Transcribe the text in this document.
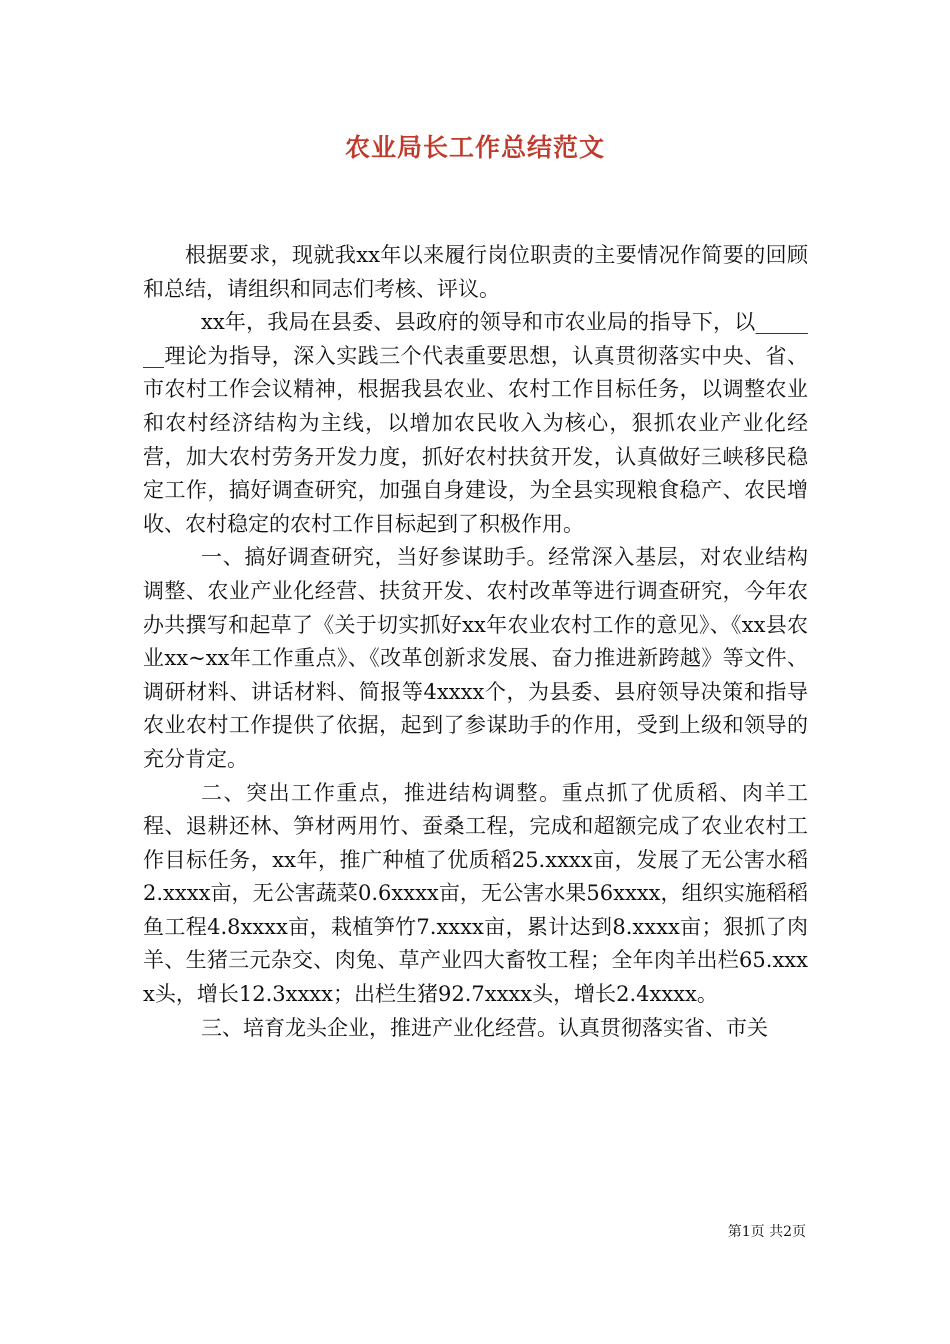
农业局长工作总结范文

根据要求，现就我xx年以来履行岗位职责的主要情况作简要的回顾和总结，请组织和同志们考核、评议。

xx年，我局在县委、县政府的领导和市农业局的指导下，以_______理论为指导，深入实践三个代表重要思想，认真贯彻落实中央、省、市农村工作会议精神，根据我县农业、农村工作目标任务，以调整农业和农村经济结构为主线，以增加农民收入为核心，狠抓农业产业化经营，加大农村劳务开发力度，抓好农村扶贫开发，认真做好三峡移民稳定工作，搞好调查研究，加强自身建设，为全县实现粮食稳产、农民增收、农村稳定的农村工作目标起到了积极作用。

一、搞好调查研究，当好参谋助手。经常深入基层，对农业结构调整、农业产业化经营、扶贫开发、农村改革等进行调查研究，今年农办共撰写和起草了《关于切实抓好xx年农业农村工作的意见》、《xx县农业xx~xx年工作重点》、《改革创新求发展、奋力推进新跨越》等文件、调研材料、讲话材料、简报等4xxxx个，为县委、县府领导决策和指导农业农村工作提供了依据，起到了参谋助手的作用，受到上级和领导的充分肯定。

二、突出工作重点，推进结构调整。重点抓了优质稻、肉羊工程、退耕还林、笋材两用竹、蚕桑工程，完成和超额完成了农业农村工作目标任务，xx年，推广种植了优质稻25.xxxx亩，发展了无公害水稻2.xxxx亩，无公害蔬菜0.6xxxx亩，无公害水果56xxxx，组织实施稻稻鱼工程4.8xxxx亩，栽植笋竹7.xxxx亩，累计达到8.xxxx亩；狠抓了肉羊、生猪三元杂交、肉兔、草产业四大畜牧工程；全年肉羊出栏65.xxxx头，增长12.3xxxx；出栏生猪92.7xxxx头，增长2.4xxxx。

三、培育龙头企业，推进产业化经营。认真贯彻落实省、市关

第1页 共2页
